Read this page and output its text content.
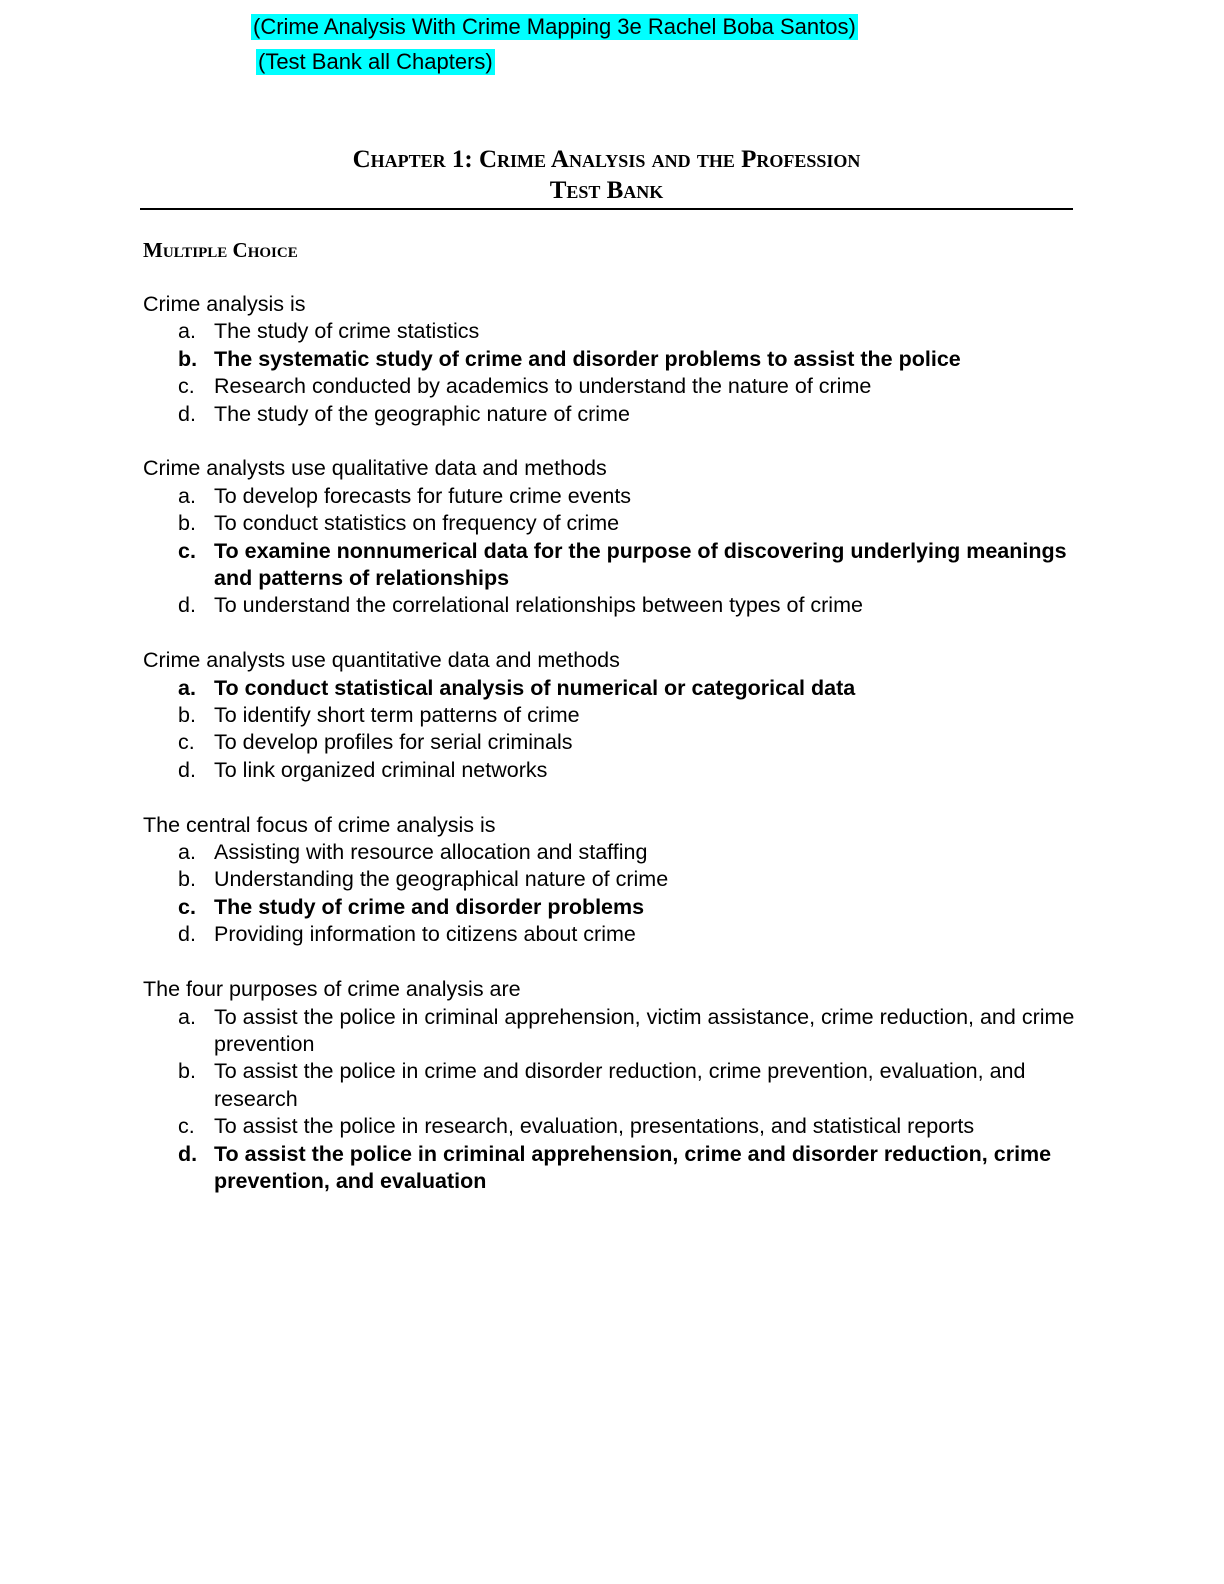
(Crime Analysis With Crime Mapping 3e Rachel Boba Santos)
(Test Bank all Chapters)
Chapter 1: Crime Analysis and the Profession
Test Bank
Multiple Choice
Crime analysis is
a. The study of crime statistics
b. The systematic study of crime and disorder problems to assist the police
c. Research conducted by academics to understand the nature of crime
d. The study of the geographic nature of crime
Crime analysts use qualitative data and methods
a. To develop forecasts for future crime events
b. To conduct statistics on frequency of crime
c. To examine nonnumerical data for the purpose of discovering underlying meanings and patterns of relationships
d. To understand the correlational relationships between types of crime
Crime analysts use quantitative data and methods
a. To conduct statistical analysis of numerical or categorical data
b. To identify short term patterns of crime
c. To develop profiles for serial criminals
d. To link organized criminal networks
The central focus of crime analysis is
a. Assisting with resource allocation and staffing
b. Understanding the geographical nature of crime
c. The study of crime and disorder problems
d. Providing information to citizens about crime
The four purposes of crime analysis are
a. To assist the police in criminal apprehension, victim assistance, crime reduction, and crime prevention
b. To assist the police in crime and disorder reduction, crime prevention, evaluation, and research
c. To assist the police in research, evaluation, presentations, and statistical reports
d. To assist the police in criminal apprehension, crime and disorder reduction, crime prevention, and evaluation
